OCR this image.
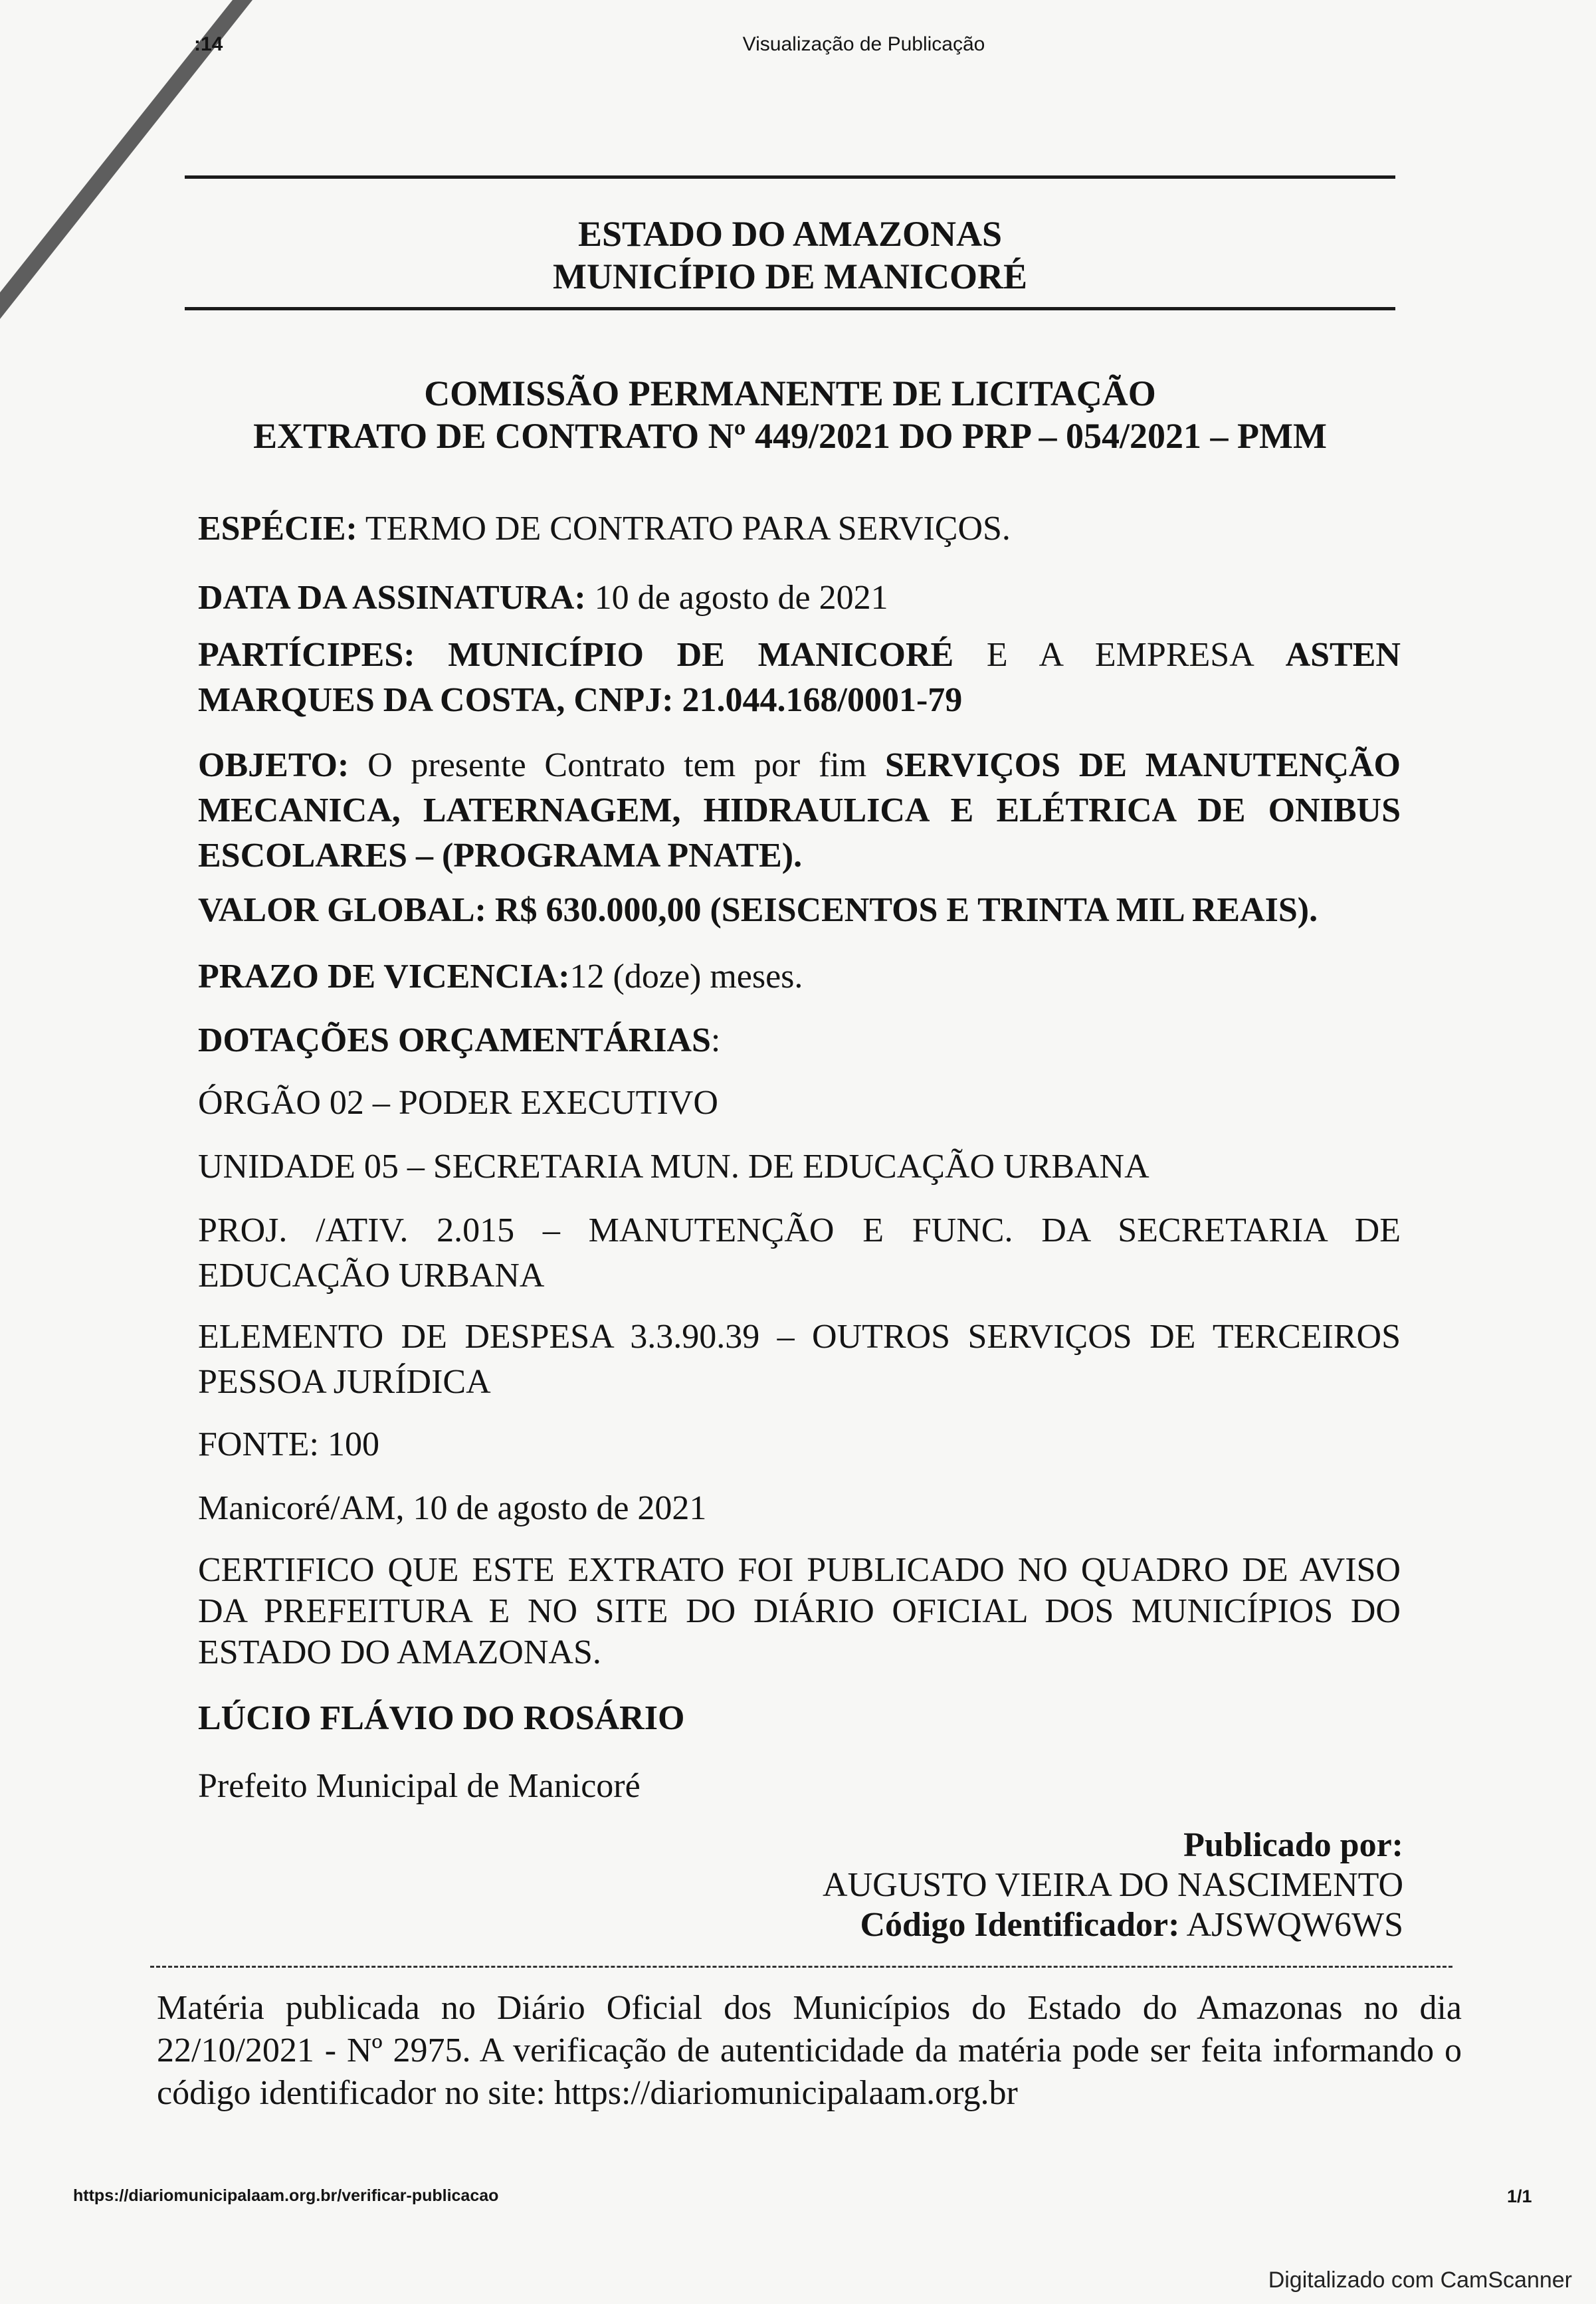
:14	Visualização de Publicação
ESTADO DO AMAZONAS
MUNICÍPIO DE MANICORÉ
COMISSÃO PERMANENTE DE LICITAÇÃO
EXTRATO DE CONTRATO Nº 449/2021 DO PRP – 054/2021 – PMM
ESPÉCIE: TERMO DE CONTRATO PARA SERVIÇOS.
DATA DA ASSINATURA: 10 de agosto de 2021
PARTÍCIPES: MUNICÍPIO DE MANICORÉ E A EMPRESA ASTEN MARQUES DA COSTA, CNPJ: 21.044.168/0001-79
OBJETO: O presente Contrato tem por fim SERVIÇOS DE MANUTENÇÃO MECANICA, LATERNAGEM, HIDRAULICA E ELÉTRICA DE ONIBUS ESCOLARES – (PROGRAMA PNATE).
VALOR GLOBAL: R$ 630.000,00 (SEISCENTOS E TRINTA MIL REAIS).
PRAZO DE VICENCIA:12 (doze) meses.
DOTAÇÕES ORÇAMENTÁRIAS:
ÓRGÃO 02 – PODER EXECUTIVO
UNIDADE 05 – SECRETARIA MUN. DE EDUCAÇÃO URBANA
PROJ. /ATIV. 2.015 – MANUTENÇÃO E FUNC. DA SECRETARIA DE EDUCAÇÃO URBANA
ELEMENTO DE DESPESA 3.3.90.39 – OUTROS SERVIÇOS DE TERCEIROS PESSOA JURÍDICA
FONTE: 100
Manicoré/AM, 10 de agosto de 2021
CERTIFICO QUE ESTE EXTRATO FOI PUBLICADO NO QUADRO DE AVISO DA PREFEITURA E NO SITE DO DIÁRIO OFICIAL DOS MUNICÍPIOS DO ESTADO DO AMAZONAS.
LÚCIO FLÁVIO DO ROSÁRIO
Prefeito Municipal de Manicoré
Publicado por:
AUGUSTO VIEIRA DO NASCIMENTO
Código Identificador: AJSWQW6WS
Matéria publicada no Diário Oficial dos Municípios do Estado do Amazonas no dia 22/10/2021 - Nº 2975. A verificação de autenticidade da matéria pode ser feita informando o código identificador no site: https://diariomunicipalaam.org.br
https://diariomunicipalaam.org.br/verificar-publicacao	1/1
Digitalizado com CamScanner
